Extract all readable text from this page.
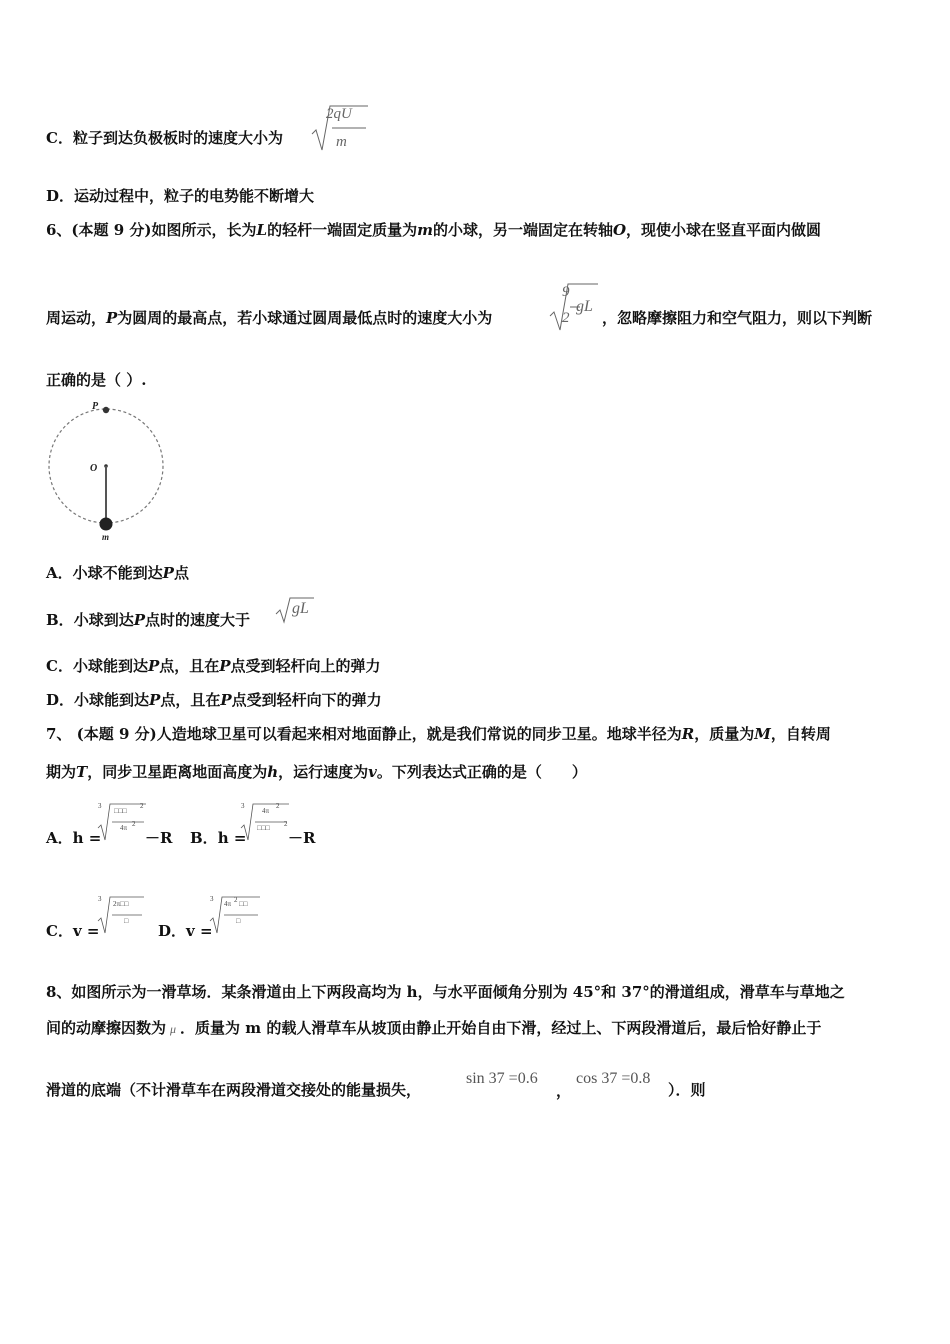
C．粒子到达负极板时的速度大小为
2qU
m
D．运动过程中，粒子的电势能不断增大
6、(本题 9 分)如图所示，长为L的轻杆一端固定质量为m的小球，另一端固定在转轴O，现使小球在竖直平面内做圆
周运动，P为圆周的最高点，若小球通过圆周最低点时的速度大小为
9
2
gL
，忽略摩擦阻力和空气阻力，则以下判断
正确的是（ ）.
P
O
m
A．小球不能到达P点
B．小球到达P点时的速度大于
gL
C．小球能到达P点，且在P点受到轻杆向上的弹力
D．小球能到达P点，且在P点受到轻杆向下的弹力
7、 (本题 9 分)人造地球卫星可以看起来相对地面静止，就是我们常说的同步卫星。地球半径为R，质量为M，自转周
期为T，同步卫星距离地面高度为h，运行速度为v。下列表达式正确的是（　　）
A．h =
3
□□□
2
4π 2
－R B．h =
3
4π
2
□□□ 2
－R
C．v =
3
2π□□
□
D．v =
3
4π 2 □□
□
8、如图所示为一滑草场．某条滑道由上下两段高均为 h，与水平面倾角分别为 45°和 37°的滑道组成，滑草车与草地之
间的动摩擦因数为 μ ．质量为 m 的载人滑草车从坡顶由静止开始自由下滑，经过上、下两段滑道后，最后恰好静止于
滑道的底端（不计滑草车在两段滑道交接处的能量损失，
sin 37 =0.6
，
cos 37 =0.8
）．则
